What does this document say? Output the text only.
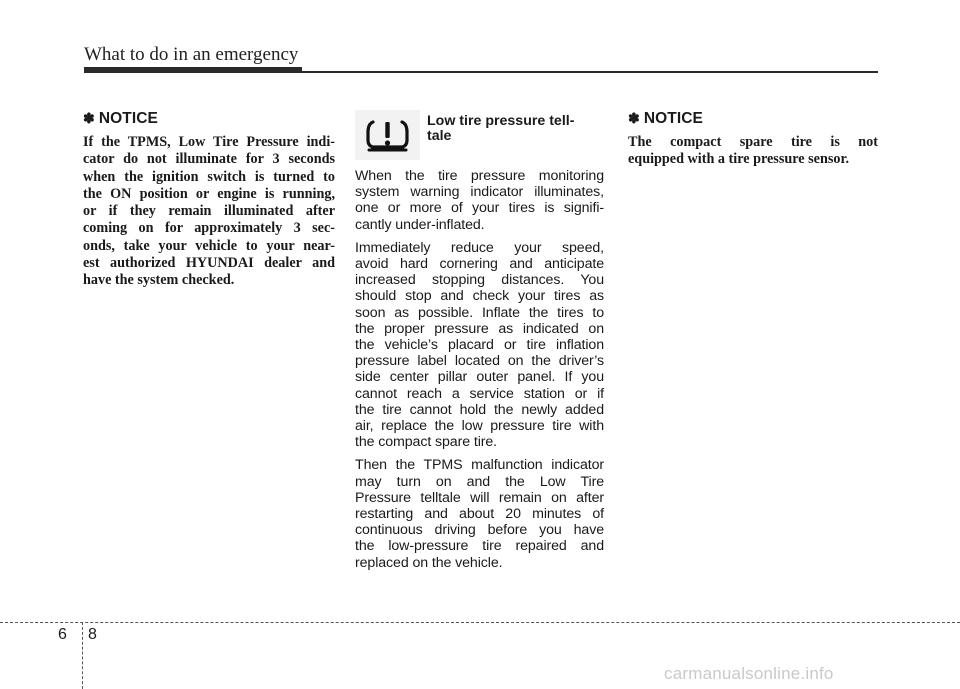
What to do in an emergency
✽ NOTICE

If the TPMS, Low Tire Pressure indi-
cator do not illuminate for 3 seconds
when the ignition switch is turned to
the ON position or engine is running,
or if they remain illuminated after
coming on for approximately 3 sec-
onds, take your vehicle to your near-
est authorized HYUNDAI dealer and
have the system checked.

Low tire pressure tell-
tale

When the tire pressure monitoring
system warning indicator illuminates,
one or more of your tires is signifi-
cantly under-inflated.

Immediately reduce your speed,
avoid hard cornering and anticipate
increased stopping distances. You
should stop and check your tires as
soon as possible. Inflate the tires to
the proper pressure as indicated on
the vehicle’s placard or tire inflation
pressure label located on the driver’s
side center pillar outer panel. If you
cannot reach a service station or if
the tire cannot hold the newly added
air, replace the low pressure tire with
the compact spare tire.

Then the TPMS malfunction indicator
may turn on and the Low Tire
Pressure telltale will remain on after
restarting and about 20 minutes of
continuous driving before you have
the low-pressure tire repaired and
replaced on the vehicle.

✽ NOTICE

The compact spare tire is not
equipped with a tire pressure sensor.

6 8
carmanualsonline.info
